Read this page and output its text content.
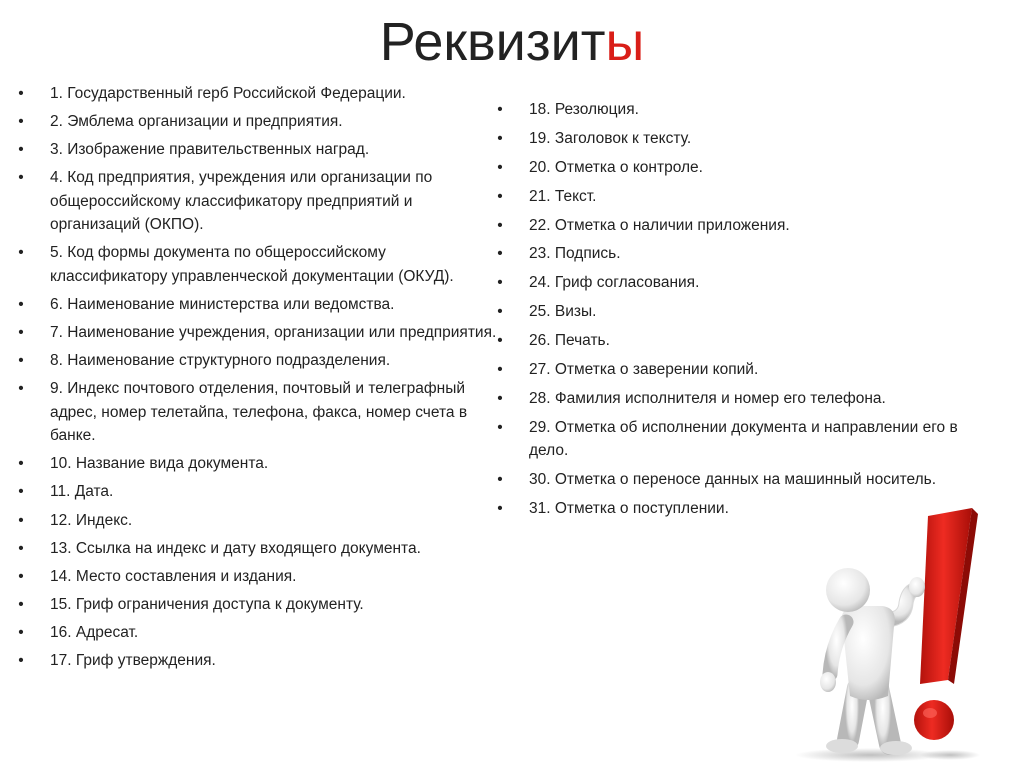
Реквизиты
• 1. Государственный герб Российской Федерации.
• 2. Эмблема организации и предприятия.
• 3. Изображение правительственных наград.
• 4. Код предприятия, учреждения или организации по общероссийскому классификатору предприятий и организаций (ОКПО).
• 5. Код формы документа по общероссийскому классификатору управленческой документации (ОКУД).
• 6. Наименование министерства или ведомства.
• 7. Наименование учреждения, организации или предприятия.
• 8. Наименование структурного подразделения.
• 9. Индекс почтового отделения, почтовый и телеграфный адрес, номер телетайпа, телефона, факса, номер счета в банке.
• 10. Название вида документа.
• 11. Дата.
• 12. Индекс.
• 13. Ссылка на индекс и дату входящего документа.
• 14. Место составления и издания.
• 15. Гриф ограничения доступа к документу.
• 16. Адресат.
• 17. Гриф утверждения.
• 18. Резолюция.
• 19. Заголовок к тексту.
• 20. Отметка о контроле.
• 21. Текст.
• 22. Отметка о наличии приложения.
• 23. Подпись.
• 24. Гриф согласования.
• 25. Визы.
• 26. Печать.
• 27. Отметка о заверении копий.
• 28. Фамилия исполнителя и номер его телефона.
• 29. Отметка об исполнении документа и направлении его в дело.
• 30. Отметка о переносе данных на машинный носитель.
• 31. Отметка о поступлении.
